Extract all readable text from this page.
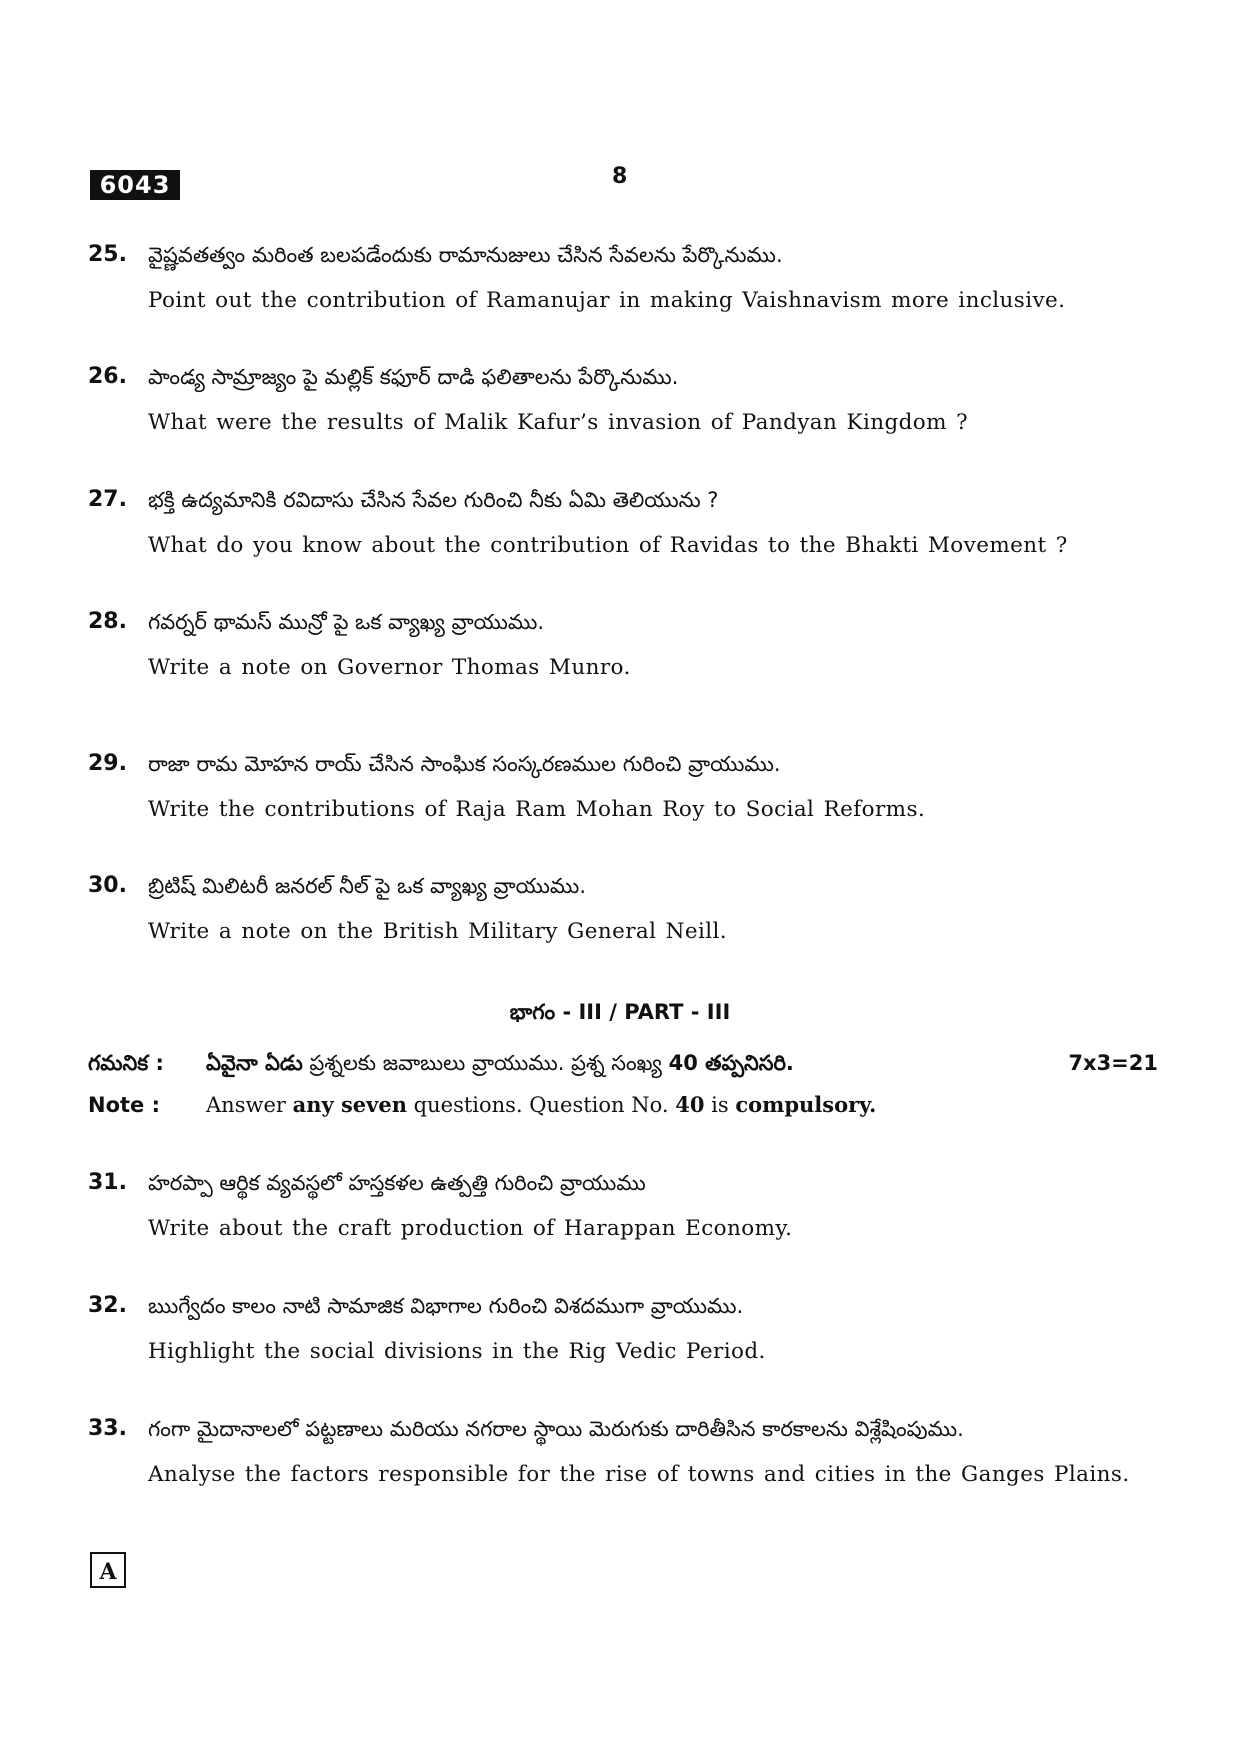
6043	8
25. వైష్ణవతత్వం మరింత బలపడేందుకు రామానుజులు చేసిన సేవలను పేర్కొనుము.
Point out the contribution of Ramanujar in making Vaishnavism more inclusive.
26. పాండ్య సామ్రాజ్యం పై మల్లిక్ కఫూర్ దాడి ఫలితాలను పేర్కొనుము.
What were the results of Malik Kafur’s invasion of Pandyan Kingdom ?
27. భక్తి ఉద్యమానికి రవిదాసు చేసిన సేవల గురించి నీకు ఏమి తెలియును ?
What do you know about the contribution of Ravidas to the Bhakti Movement ?
28. గవర్నర్ థామస్ మున్రో పై ఒక వ్యాఖ్య వ్రాయుము.
Write a note on Governor Thomas Munro.
29. రాజా రామ మోహన రాయ్ చేసిన సాంఘిక సంస్కరణముల గురించి వ్రాయుము.
Write the contributions of Raja Ram Mohan Roy to Social Reforms.
30. బ్రిటిష్ మిలిటరీ జనరల్ నీల్ పై ఒక వ్యాఖ్య వ్రాయుము.
Write a note on the British Military General Neill.
భాగం - III / PART - III
గమనిక : ఏవైనా ఏడు ప్రశ్నలకు జవాబులు వ్రాయుము. ప్రశ్న సంఖ్య 40 తప్పనిసరి.	7x3=21
Note : Answer any seven questions. Question No. 40 is compulsory.
31. హరప్పా ఆర్థిక వ్యవస్థలో హస్తకళల ఉత్పత్తి గురించి వ్రాయుము
Write about the craft production of Harappan Economy.
32. ఋగ్వేదం కాలం నాటి సామాజిక విభాగాల గురించి విశదముగా వ్రాయుము.
Highlight the social divisions in the Rig Vedic Period.
33. గంగా మైదానాలలో పట్టణాలు మరియు నగరాల స్థాయి మెరుగుకు దారితీసిన కారకాలను విశ్లేషింపుము.
Analyse the factors responsible for the rise of towns and cities in the Ganges Plains.
A
